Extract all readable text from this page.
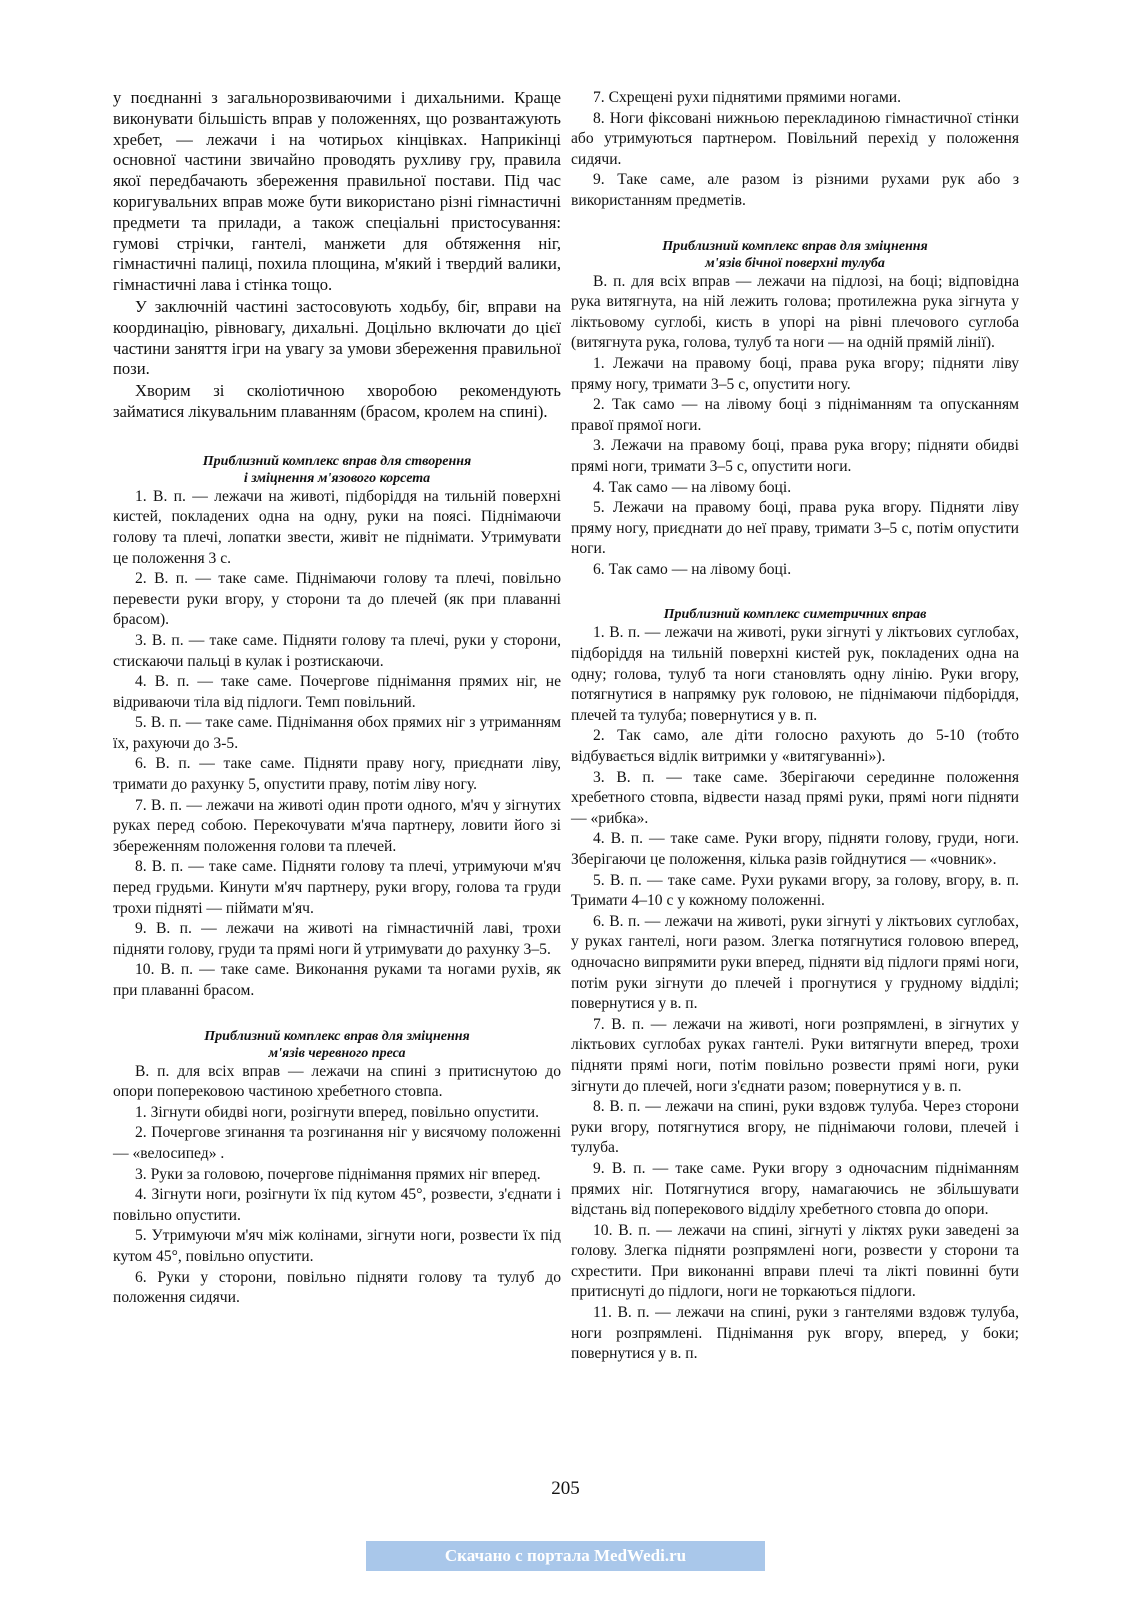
у поєднанні з загальнорозвиваючими і дихальними. Краще виконувати більшість вправ у положеннях, що розвантажують хребет, — лежачи і на чотирьох кінцівках. Наприкінці основної частини звичайно проводять рухливу гру, правила якої передбачають збереження правильної постави. Під час коригувальних вправ може бути використано різні гімнастичні предмети та прилади, а також спеціальні пристосування: гумові стрічки, гантелі, манжети для обтяження ніг, гімнастичні палиці, похила площина, м'який і твердий валики, гімнастичні лава і стінка тощо.

У заключній частині застосовують ходьбу, біг, вправи на координацію, рівновагу, дихальні. Доцільно включати до цієї частини заняття ігри на увагу за умови збереження правильної пози.

Хворим зі сколіотичною хворобою рекомендують займатися лікувальним плаванням (брасом, кролем на спині).

Приблизний комплекс вправ для створення
і зміцнення м'язового корсета

1. В. п. — лежачи на животі, підборіддя на тильній поверхні кистей, покладених одна на одну, руки на поясі. Піднімаючи голову та плечі, лопатки звести, живіт не піднімати. Утримувати це положення 3 с.

2. В. п. — таке саме. Піднімаючи голову та плечі, повільно перевести руки вгору, у сторони та до плечей (як при плаванні брасом).

3. В. п. — таке саме. Підняти голову та плечі, руки у сторони, стискаючи пальці в кулак і розтискаючи.

4. В. п. — таке саме. Почергове піднімання прямих ніг, не відриваючи тіла від підлоги. Темп повільний.

5. В. п. — таке саме. Піднімання обох прямих ніг з утриманням їх, рахуючи до 3-5.

6. В. п. — таке саме. Підняти праву ногу, приєднати ліву, тримати до рахунку 5, опустити праву, потім ліву ногу.

7. В. п. — лежачи на животі один проти одного, м'яч у зігнутих руках перед собою. Перекочувати м'яча партнеру, ловити його зі збереженням положення голови та плечей.

8. В. п. — таке саме. Підняти голову та плечі, утримуючи м'яч перед грудьми. Кинути м'яч партнеру, руки вгору, голова та груди трохи підняті — піймати м'яч.

9. В. п. — лежачи на животі на гімнастичній лаві, трохи підняти голову, груди та прямі ноги й утримувати до рахунку 3–5.

10. В. п. — таке саме. Виконання руками та ногами рухів, як при плаванні брасом.

Приблизний комплекс вправ для зміцнення
м'язів черевного преса

В. п. для всіх вправ — лежачи на спині з притиснутою до опори поперековою частиною хребетного стовпа.

1. Зігнути обидві ноги, розігнути вперед, повільно опустити.

2. Почергове згинання та розгинання ніг у висячому положенні — «велосипед» .

3. Руки за головою, почергове піднімання прямих ніг вперед.

4. Зігнути ноги, розігнути їх під кутом 45°, розвести, з'єднати і повільно опустити.

5. Утримуючи м'яч між колінами, зігнути ноги, розвести їх під кутом 45°, повільно опустити.

6. Руки у сторони, повільно підняти голову та тулуб до положення сидячи.

7. Схрещені рухи піднятими прямими ногами.

8. Ноги фіксовані нижньою перекладиною гімнастичної стінки або утримуються партнером. Повільний перехід у положення сидячи.

9. Таке саме, але разом із різними рухами рук або з використанням предметів.

Приблизний комплекс вправ для зміцнення
м'язів бічної поверхні тулуба

В. п. для всіх вправ — лежачи на підлозі, на боці; відповідна рука витягнута, на ній лежить голова; протилежна рука зігнута у ліктьовому суглобі, кисть в упорі на рівні плечового суглоба (витягнута рука, голова, тулуб та ноги — на одній прямій лінії).

1. Лежачи на правому боці, права рука вгору; підняти ліву пряму ногу, тримати 3–5 с, опустити ногу.

2. Так само — на лівому боці з підніманням та опусканням правої прямої ноги.

3. Лежачи на правому боці, права рука вгору; підняти обидві прямі ноги, тримати 3–5 с, опустити ноги.

4. Так само — на лівому боці.

5. Лежачи на правому боці, права рука вгору. Підняти ліву пряму ногу, приєднати до неї праву, тримати 3–5 с, потім опустити ноги.

6. Так само — на лівому боці.

Приблизний комплекс симетричних вправ

1. В. п. — лежачи на животі, руки зігнуті у ліктьових суглобах, підборіддя на тильній поверхні кистей рук, покладених одна на одну; голова, тулуб та ноги становлять одну лінію. Руки вгору, потягнутися в напрямку рук головою, не піднімаючи підборіддя, плечей та тулуба; повернутися у в. п.

2. Так само, але діти голосно рахують до 5-10 (тобто відбувається відлік витримки у «витягуванні»).

3. В. п. — таке саме. Зберігаючи серединне положення хребетного стовпа, відвести назад прямі руки, прямі ноги підняти — «рибка».

4. В. п. — таке саме. Руки вгору, підняти голову, груди, ноги. Зберігаючи це положення, кілька разів гойднутися — «човник».

5. В. п. — таке саме. Рухи руками вгору, за голову, вгору, в. п. Тримати 4–10 с у кожному положенні.

6. В. п. — лежачи на животі, руки зігнуті у ліктьових суглобах, у руках гантелі, ноги разом. Злегка потягнутися головою вперед, одночасно випрямити руки вперед, підняти від підлоги прямі ноги, потім руки зігнути до плечей і прогнутися у грудному відділі; повернутися у в. п.

7. В. п. — лежачи на животі, ноги розпрямлені, в зігнутих у ліктьових суглобах руках гантелі. Руки витягнути вперед, трохи підняти прямі ноги, потім повільно розвести прямі ноги, руки зігнути до плечей, ноги з'єднати разом; повернутися у в. п.

8. В. п. — лежачи на спині, руки вздовж тулуба. Через сторони руки вгору, потягнутися вгору, не піднімаючи голови, плечей і тулуба.

9. В. п. — таке саме. Руки вгору з одночасним підніманням прямих ніг. Потягнутися вгору, намагаючись не збільшувати відстань від поперекового відділу хребетного стовпа до опори.

10. В. п. — лежачи на спині, зігнуті у ліктях руки заведені за голову. Злегка підняти розпрямлені ноги, розвести у сторони та схрестити. При виконанні вправи плечі та лікті повинні бути притиснуті до підлоги, ноги не торкаються підлоги.

11. В. п. — лежачи на спині, руки з гантелями вздовж тулуба, ноги розпрямлені. Піднімання рук вгору, вперед, у боки; повернутися у в. п.

205
Скачано с портала MedWedi.ru
